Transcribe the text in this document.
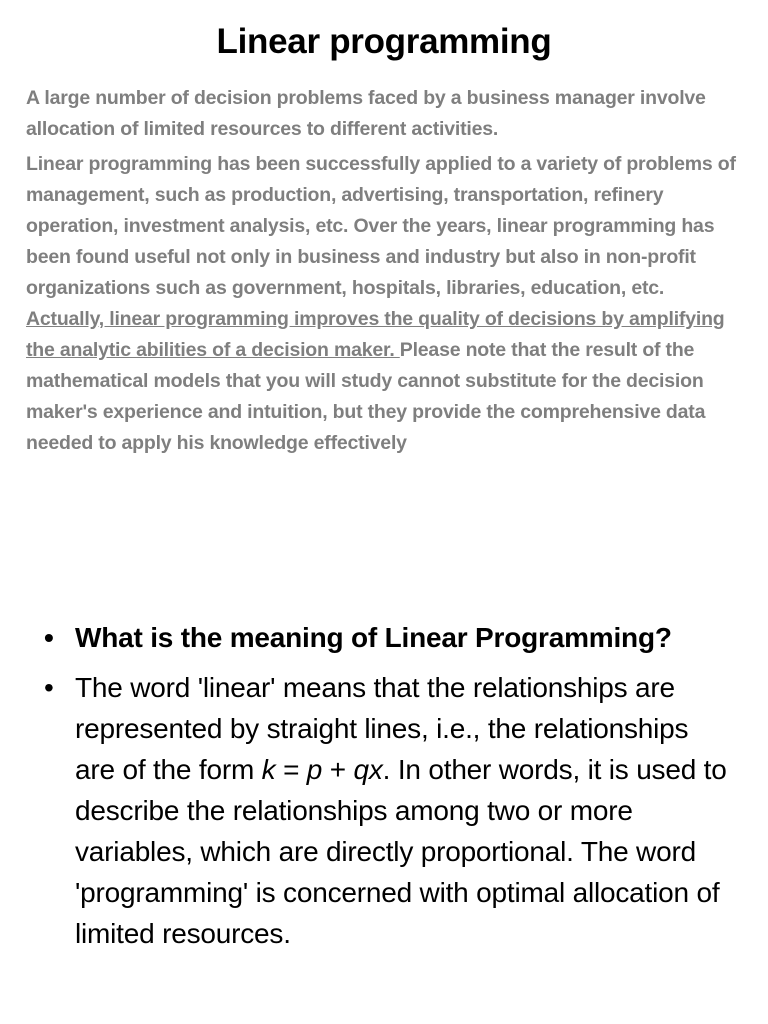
Linear programming
A large number of decision problems faced by a business manager involve allocation of limited resources to different activities.
Linear programming has been successfully applied to a variety of problems of management, such as production, advertising, transportation, refinery operation, investment analysis, etc. Over the years, linear programming has been found useful not only in business and industry but also in non-profit organizations such as government, hospitals, libraries, education, etc. Actually, linear programming improves the quality of decisions by amplifying the analytic abilities of a decision maker. Please note that the result of the mathematical models that you will study cannot substitute for the decision maker's experience and intuition, but they provide the comprehensive data needed to apply his knowledge effectively
• What is the meaning of Linear Programming?
• The word 'linear' means that the relationships are represented by straight lines, i.e., the relationships are of the form k = p + qx. In other words, it is used to describe the relationships among two or more variables, which are directly proportional. The word 'programming' is concerned with optimal allocation of limited resources.
